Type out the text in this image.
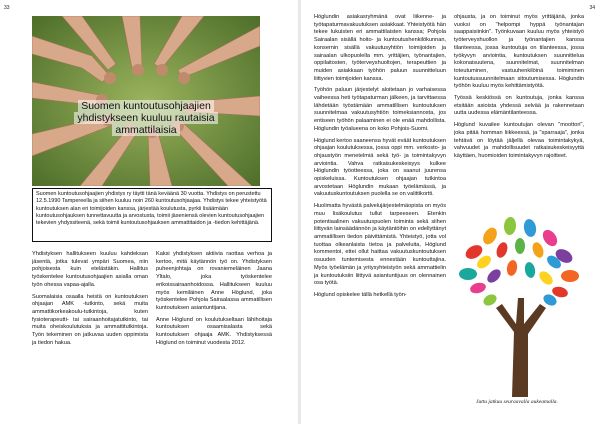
33
Suomen kuntoutusohjaajien
yhdistykseen kuuluu rautaisia
ammattilaisia
Suomen kuntoutusohjaajien yhdistys ry täytti tänä keväänä 30 vuotta. Yhdistys on perustettu 12.5.1990 Tampereella ja siihen kuuluu noin 260 kuntoutusohjaajaa. Yhdistys tekee yhteistyötä kuntoutuksen alan eri toimijoiden kanssa, järjestää koulutusta, pyrkii lisäämään kuntoutusohjauksen tunnettavuutta ja arvostusta, toimii jäseniensä olevien kuntoutusohjaajien tekevien yhdyssiteenä, sekä toimii kuntoutusohjauksen ammattitaidon ja -tiedon kehittäjänä.

Yhdistyksen hallitukseen kuuluu kahdeksan jäsentä, jotka tulevat ympäri Suomea, niin pohjoisesta kuin etelästäkin. Hallitus työskentelee kuntoutusohjaajien asialla oman työn ohessa vapaa-ajalla.

Suomalaisia osaalla heistä on kuntoutuksen ohjaajan AMK -tutkinto, sekä muita ammattikorkeakoulu-tutkintoja, kuten fysioterapeutti- tai sairaanhoitajatutkinto, tai muita oheiskoulutuksia ja ammattitutkintoja. Työn tekeminen on jatkuvaa uuden oppimista ja tiedon hakua.

Kaksi yhdistyksen aktiivia raottaa verhoa ja kertoo, mitä käytännön työ on. Yhdistyksen puheenjohtaja on rovaniemeläinen Jaana Yltalo, joka työskentelee erikoissairaanhoidossa. Hallitukseen kuuluu myös kemiläinen Anne Höglund, joka työskentelee Pohjola Sairaalassa ammatillisen kuntoutuksen asiantuntijana.

Anne Höglund on koulutukseltaan lähihoitaja kuntoutuksen osaamisalasta sekä kuntoutuksen ohjaaja AMK. Yhdistyksessä Höglund on toiminut vuodesta 2012.

34

Höglundin asiakasryhmänä ovat liikenne- ja työtapaturmavakuutuksen asiakkaat. Yhteistyötä hän tekee lukuisten eri ammattilaisten kanssa; Pohjola Sairaalan sisällä hoito- ja kuntoutushenkilökunnan, konsernin sisällä vakuutusyhtiön toimijoiden ja sairaalan ulkopuolella mm. yrittäjien, työnantajien, oppilaitosten, työterveyshuoltojen, terapeuttien ja muiden asiakkaan työhön paluun suunnitteluun liittyvien toimijoiden kanssa.

Työhön paluun järjestelyt aloitetaan jo varhaisessa vaiheessa heti työtapaturman jälkeen, ja tarvittaessa lähdetään työstämään ammatillisen kuntoutuksen suunnitelmaa vakuutusyhtiön toimeksiannosta, jos entiseen työhön palaaminen ei ole enää mahdollista. Höglundin työalueena on koko Pohjois-Suomi.

Höglund kertoo saaneensa hyvät eväät kuntoutuksen ohjaajan koulutuksessa, jossa oppi mm. verkosto- ja ohjaustyön menetelmiä sekä työ- ja toimintakyvyn arviointia. Vahva ratkaisukeskeisyys kulkee Höglundin työotteessa, joka on saanut juurensa opiskeluissa. Kuntoutuksen ohjaajan tutkintoa arvostetaan Höglundin mukaan työelämässä, ja vakuutuskuntoutuksen puolella se on valittikortti.

Huolimatta hyvästä palvelujärjestelmäopista on myös muu lisäkoulutus tullut tarpeeseen. Etenkin potentiaalinen vakuutuspuolen toiminta sekä siihen liittyvän lainsäädännön ja käytäntöihin on edellyttänyt ammatillisen tiedon päivittämistä. Yhteistyö, jotta vol tuottaa olkeanlaista tietoa ja palveluita, Höglund kommentoi, ettei ollut haittaa vakuutuskuntoutuksen osuuden tuntemisesta ennestään kuntouttajina. Myös työelämän ja yritysyhteistyön sekä ammattielin ja kuntoutuksiin liittyvä asiantuntijuus on olennainen osa työtä.

Höglund opiskelee tällä hetkellä työn-

ohjausta, ja on toiminut myös yrittäjänä, jonka vuoksi on "helpompi hyppä työnantajan saappaisiinkin". Työnkuvaan kuuluu myös yhteistyö työterveyshuollon ja työnantajien kanssa tilanteessa, jossa kuntoutuja on tilanteessa, jossa työkyvyn arviointia, kuntoutuksen suunnittelua kokonaisuutena, suunnitelmat, suunnitelman toteutuminen, vastuuhenkilöinä toimiminen kuntoutussuunnitelmaan sitoutumisessa. Höglundin työhön kuuluu myös kehittämistyötä.

Työssä keskiössä on kuntoutuja, jonka kanssa etsitään asioista yhdessä selvää ja rakennetaan uutta uudessa elämäntilanteessa.

Höglund kuvailee kuntoutujan olevan "moottori", joka pitää homman liikkeessä, ja "sparraaja", jonka tehtävä on löytää jäljellä olevaa toimintakykyä, vahvuudet ja mahdollisuudet ratkaisukeskeisyyttä käyttäen, huomioiden toimintakyvyn rajoitteet.

Juttu jatkuu seuraavalla aukeamalla.
